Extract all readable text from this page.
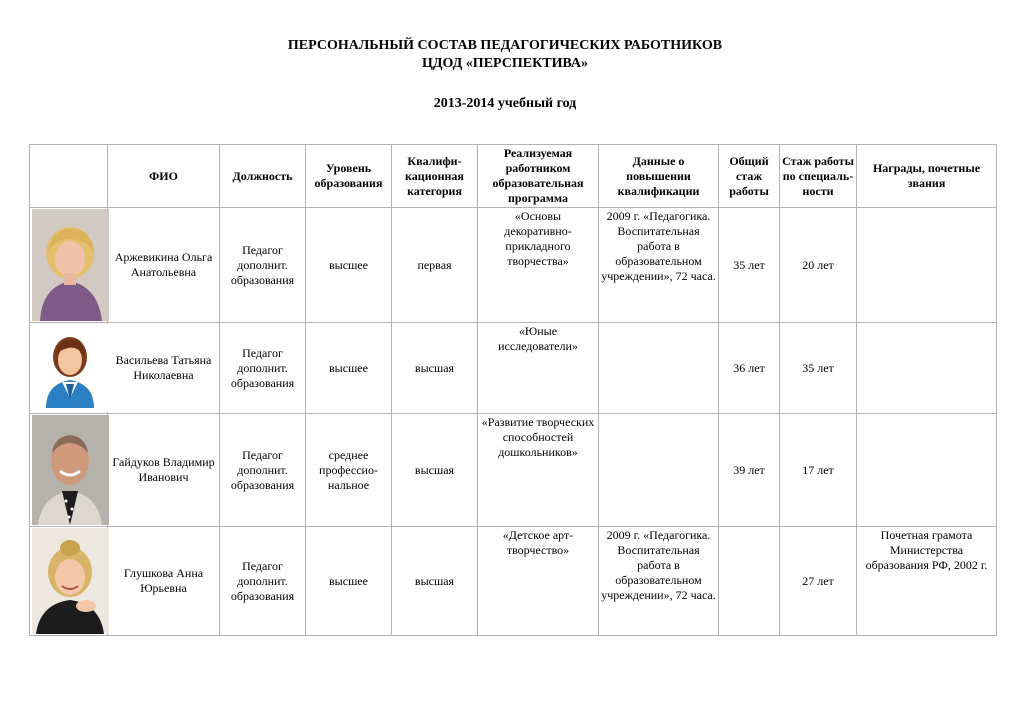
ПЕРСОНАЛЬНЫЙ СОСТАВ ПЕДАГОГИЧЕСКИХ РАБОТНИКОВ
ЦДОД «ПЕРСПЕКТИВА»
2013-2014 учебный год
	ФИО	Должность	Уровень образования	Квалифи-кационная категория	Реализуемая работником образовательная программа	Данные о повышении квалификации	Общий стаж работы	Стаж работы по специаль-ности	Награды, почетные звания

	Аржевикина Ольга Анатольевна	Педагог дополнит. образования	высшее	первая	«Основы декоративно-прикладного творчества»	2009 г. «Педагогика. Воспитательная работа в образовательном учреждении», 72 часа.	35 лет	20 лет	

	Васильева Татьяна Николаевна	Педагог дополнит. образования	высшее	высшая	«Юные исследователи»		36 лет	35 лет	

	Гайдуков Владимир Иванович	Педагог дополнит. образования	среднее профессио-нальное	высшая	«Развитие творческих способностей дошкольников»		39 лет	17 лет	

	Глушкова Анна Юрьевна	Педагог дополнит. образования	высшее	высшая	«Детское арт-творчество»	2009 г. «Педагогика. Воспитательная работа в образовательном учреждении», 72 часа.		27 лет	Почетная грамота Министерства образования РФ, 2002 г.
